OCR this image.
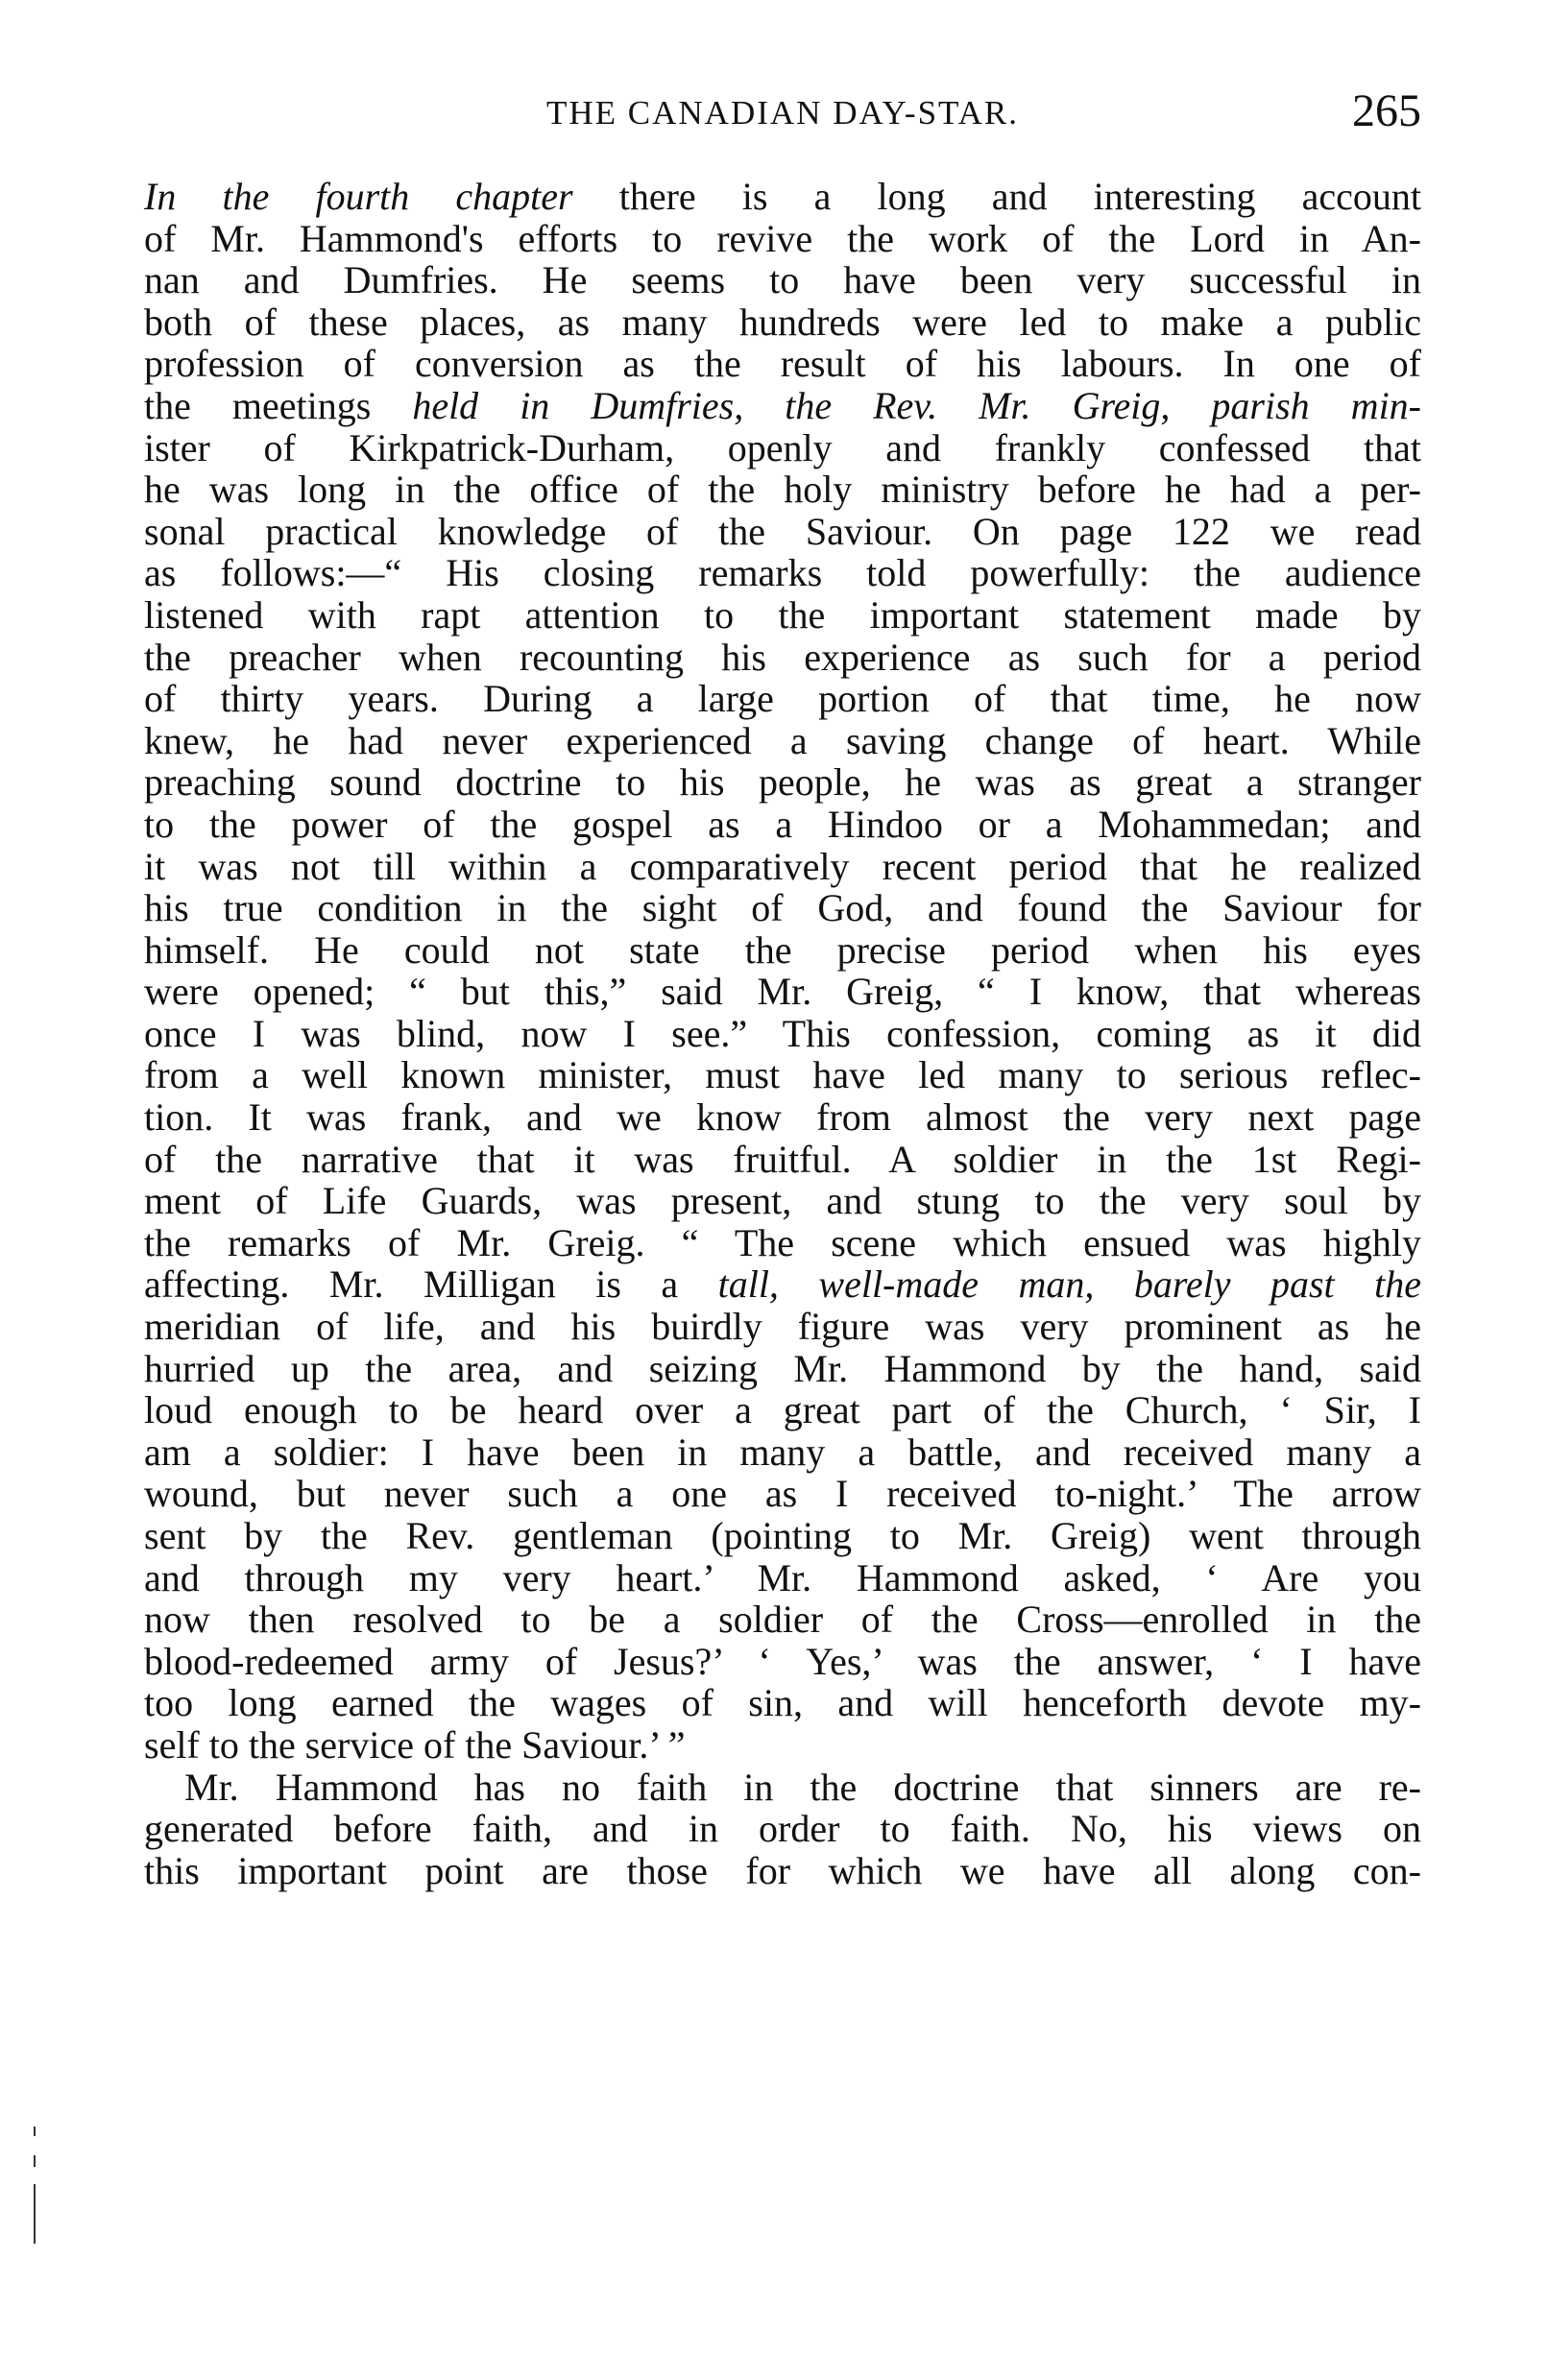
THE CANADIAN DAY-STAR.	265
In the fourth chapter there is a long and interesting account
of Mr. Hammond's efforts to revive the work of the Lord in An-
nan and Dumfries. He seems to have been very successful in
both of these places, as many hundreds were led to make a public
profession of conversion as the result of his labours. In one of
the meetings held in Dumfries, the Rev. Mr. Greig, parish min-
ister of Kirkpatrick-Durham, openly and frankly confessed that
he was long in the office of the holy ministry before he had a per-
sonal practical knowledge of the Saviour. On page 122 we read
as follows:—“ His closing remarks told powerfully: the audience
listened with rapt attention to the important statement made by
the preacher when recounting his experience as such for a period
of thirty years. During a large portion of that time, he now
knew, he had never experienced a saving change of heart. While
preaching sound doctrine to his people, he was as great a stranger
to the power of the gospel as a Hindoo or a Mohammedan; and
it was not till within a comparatively recent period that he realized
his true condition in the sight of God, and found the Saviour for
himself. He could not state the precise period when his eyes
were opened; “ but this,” said Mr. Greig, “ I know, that whereas
once I was blind, now I see.” This confession, coming as it did
from a well known minister, must have led many to serious reflec-
tion. It was frank, and we know from almost the very next page
of the narrative that it was fruitful. A soldier in the 1st Regi-
ment of Life Guards, was present, and stung to the very soul by
the remarks of Mr. Greig. “ The scene which ensued was highly
affecting. Mr. Milligan is a tall, well-made man, barely past the
meridian of life, and his buirdly figure was very prominent as he
hurried up the area, and seizing Mr. Hammond by the hand, said
loud enough to be heard over a great part of the Church, ‘ Sir, I
am a soldier: I have been in many a battle, and received many a
wound, but never such a one as I received to-night.’ The arrow
sent by the Rev. gentleman (pointing to Mr. Greig) went through
and through my very heart.’ Mr. Hammond asked, ‘ Are you
now then resolved to be a soldier of the Cross—enrolled in the
blood-redeemed army of Jesus?’ ‘ Yes,’ was the answer, ‘ I have
too long earned the wages of sin, and will henceforth devote my-
self to the service of the Saviour.’ ”
Mr. Hammond has no faith in the doctrine that sinners are re-
generated before faith, and in order to faith. No, his views on
this important point are those for which we have all along con-
